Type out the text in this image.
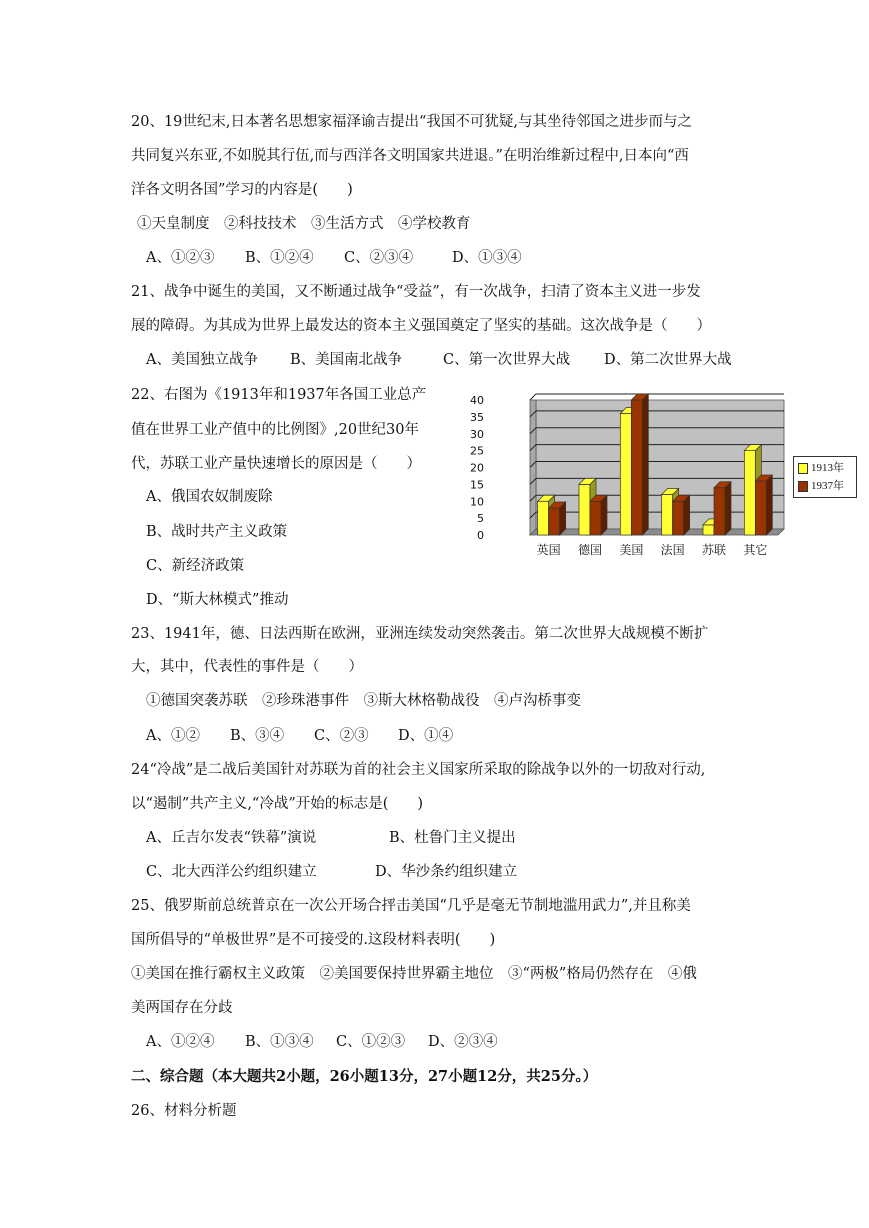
20、19世纪末,日本著名思想家福泽谕吉提出“我国不可犹疑,与其坐待邻国之进步而与之
共同复兴东亚,不如脱其行伍,而与西洋各文明国家共进退。”在明治维新过程中,日本向“西
洋各文明各国”学习的内容是(　　)
①天皇制度　②科技技术　③生活方式　④学校教育
A、①②③ B、①②④ C、②③④	D、①③④
21、战争中诞生的美国，又不断通过战争“受益”，有一次战争，扫清了资本主义进一步发
展的障碍。为其成为世界上最发达的资本主义强国奠定了坚实的基础。这次战争是（　　）
A、美国独立战争 B、美国南北战争	C、第一次世界大战 D、第二次世界大战
22、右图为《1913年和1937年各国工业总产
值在世界工业产值中的比例图》,20世纪30年
代，苏联工业产量快速增长的原因是（　　）
A、俄国农奴制废除
B、战时共产主义政策
C、新经济政策
D、“斯大林模式”推动
0
5
10
15
20
25
30
35
40
英国 德国 美国 法国 苏联 其它
1913年
1937年
23、1941年，德、日法西斯在欧洲，亚洲连续发动突然袭击。第二次世界大战规模不断扩
大，其中，代表性的事件是（　　）
①德国突袭苏联　②珍珠港事件　③斯大林格勒战役　④卢沟桥事变
A、①② B、③④ C、②③ D、①④
24“冷战”是二战后美国针对苏联为首的社会主义国家所采取的除战争以外的一切敌对行动,
以“遏制”共产主义,“冷战”开始的标志是(　　)
A、丘吉尔发表“铁幕”演说	B、杜鲁门主义提出
C、北大西洋公约组织建立	D、华沙条约组织建立
25、俄罗斯前总统普京在一次公开场合抨击美国“几乎是毫无节制地滥用武力”,并且称美
国所倡导的“单极世界”是不可接受的.这段材料表明(　　)
①美国在推行霸权主义政策　②美国要保持世界霸主地位　③“两极”格局仍然存在　④俄
美两国存在分歧
A、①②④ B、①③④ C、①②③ D、②③④
二、综合题（本大题共2小题，26小题13分，27小题12分，共25分。）
26、材料分析题
